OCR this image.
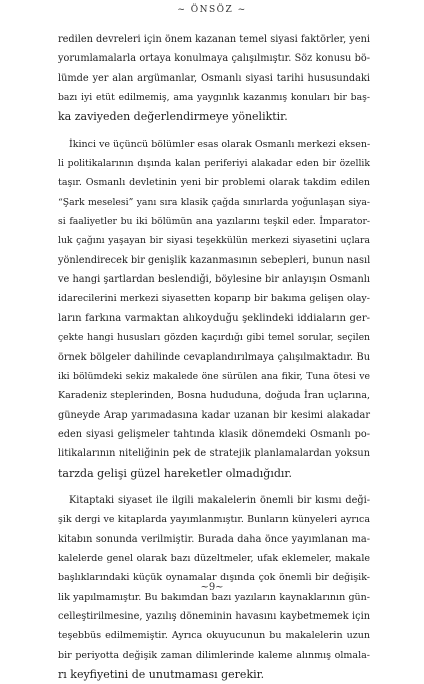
~ ÖNSÖZ ~
redilen devreleri için önem kazanan temel siyasi faktörler, yeni
yorumlamalarla ortaya konulmaya çalışılmıştır. Söz konusu bö-
lümde yer alan argümanlar, Osmanlı siyasi tarihi hususundaki
bazı iyi etüt edilmemiş, ama yaygınlık kazanmış konuları bir baş-
ka zaviyeden değerlendirmeye yöneliktir.
İkinci ve üçüncü bölümler esas olarak Osmanlı merkezi eksen-
li politikalarının dışında kalan periferiyi alakadar eden bir özellik
taşır. Osmanlı devletinin yeni bir problemi olarak takdim edilen
“Şark meselesi” yanı sıra klasik çağda sınırlarda yoğunlaşan siya-
si faaliyetler bu iki bölümün ana yazılarını teşkil eder. İmparator-
luk çağını yaşayan bir siyasi teşekkülün merkezi siyasetini uçlara
yönlendirecek bir genişlik kazanmasının sebepleri, bunun nasıl
ve hangi şartlardan beslendiği, böylesine bir anlayışın Osmanlı
idarecilerini merkezi siyasetten koparıp bir bakıma gelişen olay-
ların farkına varmaktan alıkoyduğu şeklindeki iddiaların ger-
çekte hangi hususları gözden kaçırdığı gibi temel sorular, seçilen
örnek bölgeler dahilinde cevaplandırılmaya çalışılmaktadır. Bu
iki bölümdeki sekiz makalede öne sürülen ana fikir, Tuna ötesi ve
Karadeniz steplerinden, Bosna hududuna, doğuda İran uçlarına,
güneyde Arap yarımadasına kadar uzanan bir kesimi alakadar
eden siyasi gelişmeler tahtında klasik dönemdeki Osmanlı po-
litikalarının niteliğinin pek de stratejik planlamalardan yoksun
tarzda gelişi güzel hareketler olmadığıdır.
Kitaptaki siyaset ile ilgili makalelerin önemli bir kısmı deği-
şik dergi ve kitaplarda yayımlanmıştır. Bunların künyeleri ayrıca
kitabın sonunda verilmiştir. Burada daha önce yayımlanan ma-
kalelerde genel olarak bazı düzeltmeler, ufak eklemeler, makale
başlıklarındaki küçük oynamalar dışında çok önemli bir değişik-
lik yapılmamıştır. Bu bakımdan bazı yazıların kaynaklarının gün-
celleştirilmesine, yazılış döneminin havasını kaybetmemek için
teşebbüs edilmemiştir. Ayrıca okuyucunun bu makalelerin uzun
bir periyotta değişik zaman dilimlerinde kaleme alınmış olmala-
rı keyfiyetini de unutmaması gerekir.
~9~
